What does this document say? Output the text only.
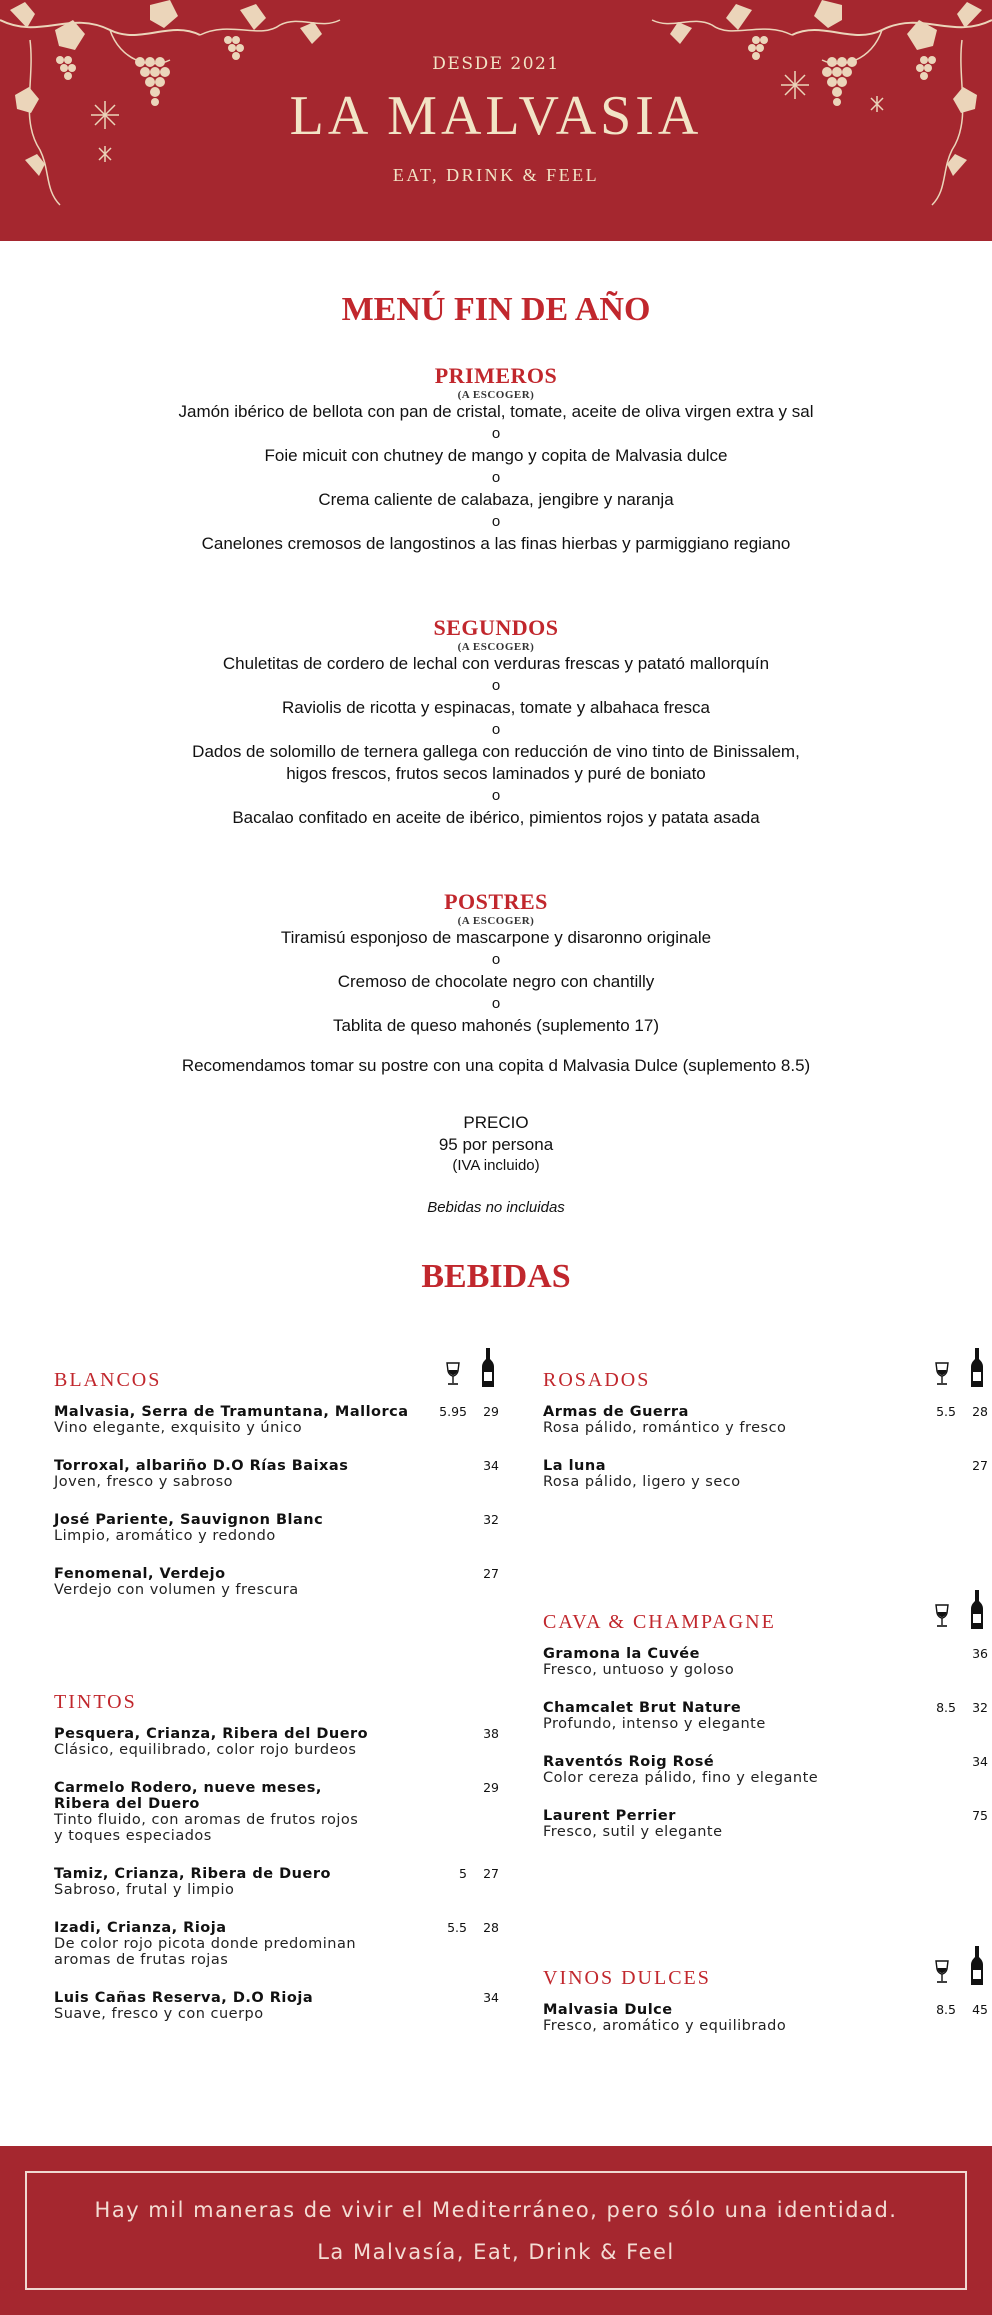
DESDE 2021
LA MALVASIA
EAT, DRINK & FEEL
MENÚ FIN DE AÑO
PRIMEROS
(A ESCOGER)
Jamón ibérico de bellota con pan de cristal, tomate, aceite de oliva virgen extra y sal
o
Foie micuit con chutney de mango y copita de Malvasia dulce
o
Crema caliente de calabaza, jengibre y naranja
o
Canelones cremosos de langostinos a las finas hierbas y parmiggiano regiano
SEGUNDOS
(A ESCOGER)
Chuletitas de cordero de lechal con verduras frescas y patató mallorquín
o
Raviolis de ricotta y espinacas, tomate y albahaca fresca
o
Dados de solomillo de ternera gallega con reducción de vino tinto de Binissalem,
higos frescos, frutos secos laminados y puré de boniato
o
Bacalao confitado en aceite de ibérico, pimientos rojos y patata asada
POSTRES
(A ESCOGER)
Tiramisú esponjoso de mascarpone y disaronno originale
o
Cremoso de chocolate negro con chantilly
o
Tablita de queso mahonés (suplemento 17)
Recomendamos tomar su postre con una copita d Malvasia Dulce (suplemento 8.5)
PRECIO
95 por persona
(IVA incluido)
Bebidas no incluidas
BEBIDAS
BLANCOS
Malvasia, Serra de Tramuntana, Mallorca
Vino elegante, exquisito y único
5.95	29
Torroxal, albariño D.O Rías Baixas
Joven, fresco y sabroso
34
José Pariente, Sauvignon Blanc
Limpio, aromático y redondo
32
Fenomenal, Verdejo
Verdejo con volumen y frescura
27
TINTOS
Pesquera, Crianza, Ribera del Duero
Clásico, equilibrado, color rojo burdeos
38
Carmelo Rodero, nueve meses,
Ribera del Duero
Tinto fluido, con aromas de frutos rojos
y toques especiados
29
Tamiz, Crianza, Ribera de Duero
Sabroso, frutal y limpio
5	27
Izadi, Crianza, Rioja
De color rojo picota donde predominan
aromas de frutas rojas
5.5	28
Luis Cañas Reserva, D.O Rioja
Suave, fresco y con cuerpo
34
ROSADOS
Armas de Guerra
Rosa pálido, romántico y fresco
5.5	28
La luna
Rosa pálido, ligero y seco
27
CAVA & CHAMPAGNE
Gramona la Cuvée
Fresco, untuoso y goloso
36
Chamcalet Brut Nature
Profundo, intenso y elegante
8.5	32
Raventós Roig Rosé
Color cereza pálido, fino y elegante
34
Laurent Perrier
Fresco, sutil y elegante
75
VINOS DULCES
Malvasia Dulce
Fresco, aromático y equilibrado
8.5	45
Hay mil maneras de vivir el Mediterráneo, pero sólo una identidad.
La Malvasía, Eat, Drink & Feel
